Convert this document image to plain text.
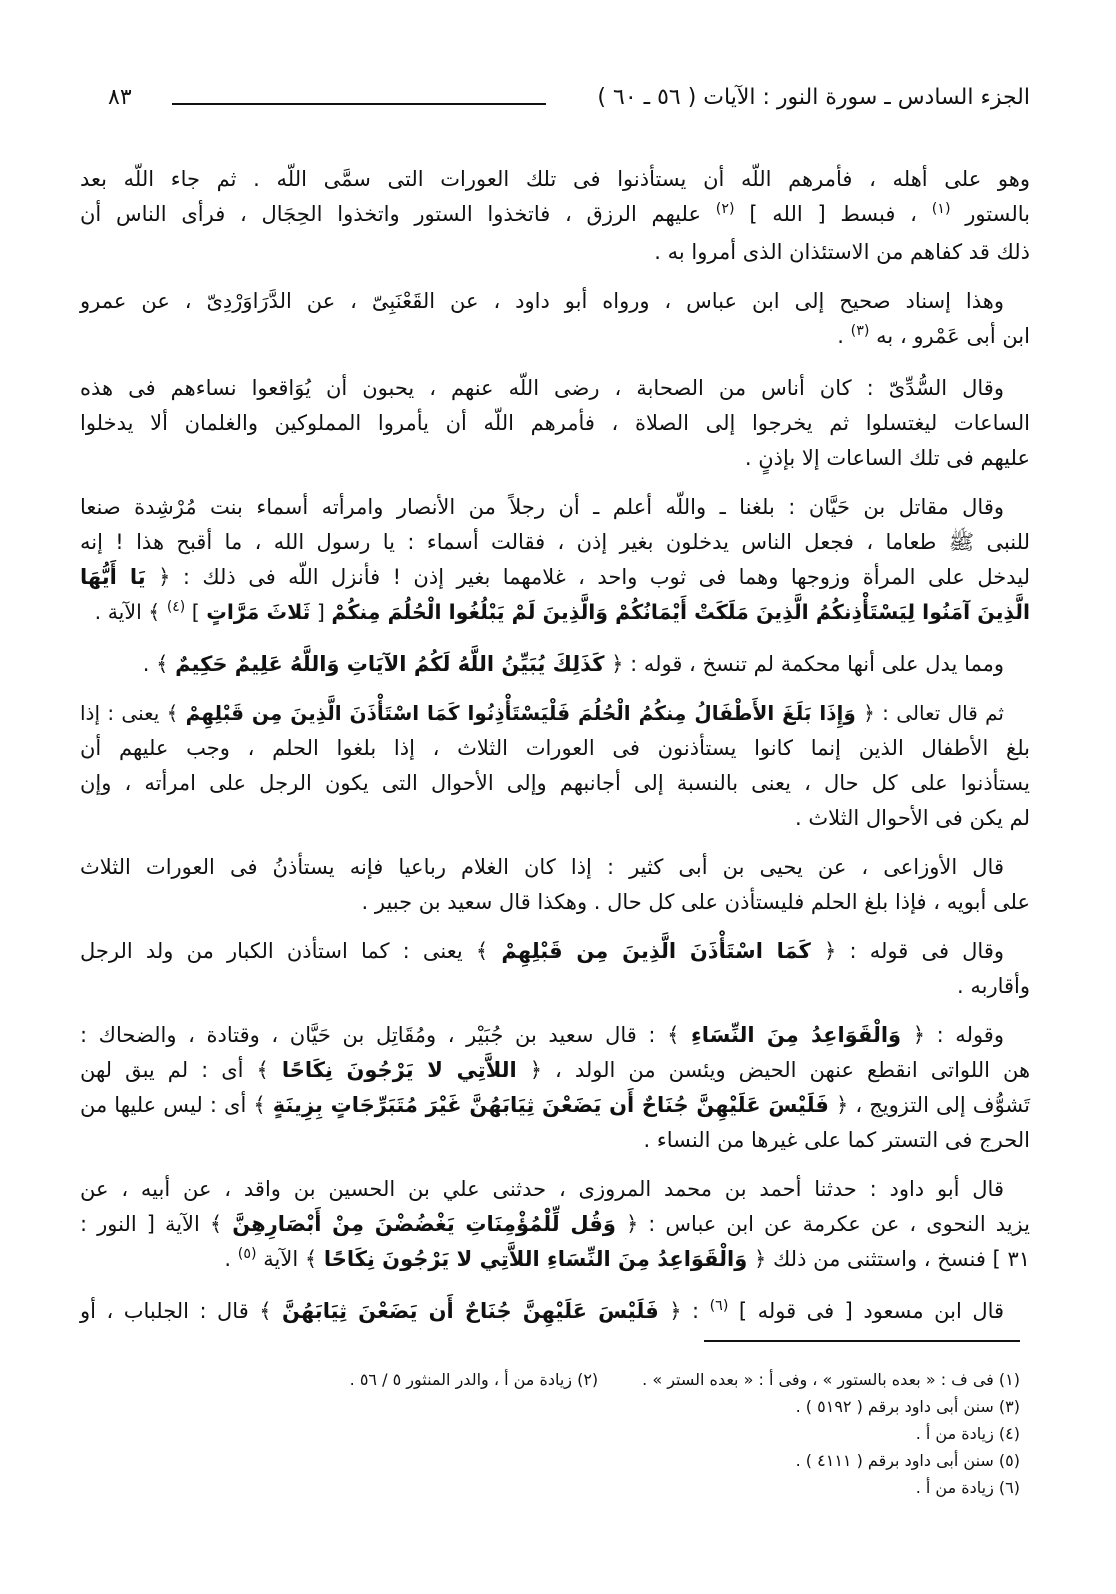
الجزء السادس ـ سورة النور : الآيات ( ٥٦ ـ ٦٠ )
٨٣
وهو على أهله ، فأمرهم اللّه أن يستأذنوا فى تلك العورات التى سمَّى اللّه . ثم جاء اللّه بعد
بالستور $^{(١)}$ ، فبسط [ الله ] $^{(٢)}$ عليهم الرزق ، فاتخذوا الستور واتخذوا الحِجَال ، فرأى الناس أن
ذلك قد كفاهم من الاستئذان الذى أمروا به .
وهذا إسناد صحيح إلى ابن عباس ، ورواه أبو داود ، عن القَعْنَبِىّ ، عن الدَّرَاوَرْدِىّ ، عن عمرو
ابن أبى عَمْرو ، به $^{(٣)}$ .
وقال السُّدِّىّ : كان أناس من الصحابة ، رضى اللّه عنهم ، يحبون أن يُوَاقعوا نساءهم فى هذه
الساعات ليغتسلوا ثم يخرجوا إلى الصلاة ، فأمرهم اللّه أن يأمروا المملوكين والغلمان ألا يدخلوا
عليهم فى تلك الساعات إلا بإذنٍ .
وقال مقاتل بن حَيَّان : بلغنا ـ واللّه أعلم ـ أن رجلاً من الأنصار وامرأته أسماء بنت مُرْشِدة صنعا
للنبى ﷺ طعاما ، فجعل الناس يدخلون بغير إذن ، فقالت أسماء : يا رسول الله ، ما أقبح هذا ! إنه
ليدخل على المرأة وزوجها وهما فى ثوب واحد ، غلامهما بغير إذن ! فأنزل اللّه فى ذلك : ﴿ يَا أَيُّهَا
الَّذِينَ آمَنُوا لِيَسْتَأْذِنكُمُ الَّذِينَ مَلَكَتْ أَيْمَانُكُمْ وَالَّذِينَ لَمْ يَبْلُغُوا الْحُلُمَ مِنكُمْ [ ثَلاثَ مَرَّاتٍ ] $^{(٤)}$ ﴾ الآية .
ومما يدل على أنها محكمة لم تنسخ ، قوله : ﴿ كَذَلِكَ يُبَيِّنُ اللَّهُ لَكُمُ الآيَاتِ وَاللَّهُ عَلِيمٌ حَكِيمٌ ﴾ .
ثم قال تعالى : ﴿ وَإِذَا بَلَغَ الأَطْفَالُ مِنكُمُ الْحُلُمَ فَلْيَسْتَأْذِنُوا كَمَا اسْتَأْذَنَ الَّذِينَ مِن قَبْلِهِمْ ﴾ يعنى : إذا
بلغ الأطفال الذين إنما كانوا يستأذنون فى العورات الثلاث ، إذا بلغوا الحلم ، وجب عليهم أن
يستأذنوا على كل حال ، يعنى بالنسبة إلى أجانبهم وإلى الأحوال التى يكون الرجل على امرأته ، وإن
لم يكن فى الأحوال الثلاث .
قال الأوزاعى ، عن يحيى بن أبى كثير : إذا كان الغلام رباعيا فإنه يستأذنُ فى العورات الثلاث
على أبويه ، فإذا بلغ الحلم فليستأذن على كل حال . وهكذا قال سعيد بن جبير .
وقال فى قوله : ﴿ كَمَا اسْتَأْذَنَ الَّذِينَ مِن قَبْلِهِمْ ﴾ يعنى : كما استأذن الكبار من ولد الرجل
وأقاربه .
وقوله : ﴿ وَالْقَوَاعِدُ مِنَ النِّسَاءِ ﴾ : قال سعيد بن جُبَيْر ، ومُقَاتِل بن حَيَّان ، وقتادة ، والضحاك :
هن اللواتى انقطع عنهن الحيض ويئسن من الولد ، ﴿ اللاَّتِي لا يَرْجُونَ نِكَاحًا ﴾ أى : لم يبق لهن
تَشوُّف إلى التزويج ، ﴿ فَلَيْسَ عَلَيْهِنَّ جُنَاحٌ أَن يَضَعْنَ ثِيَابَهُنَّ غَيْرَ مُتَبَرِّجَاتٍ بِزِينَةٍ ﴾ أى : ليس عليها من
الحرج فى التستر كما على غيرها من النساء .
قال أبو داود : حدثنا أحمد بن محمد المروزى ، حدثنى علي بن الحسين بن واقد ، عن أبيه ، عن
يزيد النحوى ، عن عكرمة عن ابن عباس : ﴿ وَقُل لِّلْمُؤْمِنَاتِ يَغْضُضْنَ مِنْ أَبْصَارِهِنَّ ﴾ الآية [ النور :
٣١ ] فنسخ ، واستثنى من ذلك ﴿ وَالْقَوَاعِدُ مِنَ النِّسَاءِ اللاَّتِي لا يَرْجُونَ نِكَاحًا ﴾ الآية $^{(٥)}$ .
قال ابن مسعود [ فى قوله ] $^{(٦)}$ : ﴿ فَلَيْسَ عَلَيْهِنَّ جُنَاحٌ أَن يَضَعْنَ ثِيَابَهُنَّ ﴾ قال : الجلباب ، أو
(١) فى ف : « بعده بالستور » ، وفى أ : « بعده الستر » .
(٢) زيادة من أ ، والدر المنثور ٥ / ٥٦ .
(٣) سنن أبى داود برقم ( ٥١٩٢ ) .
(٤) زيادة من أ .
(٥) سنن أبى داود برقم ( ٤١١١ ) .
(٦) زيادة من أ .
